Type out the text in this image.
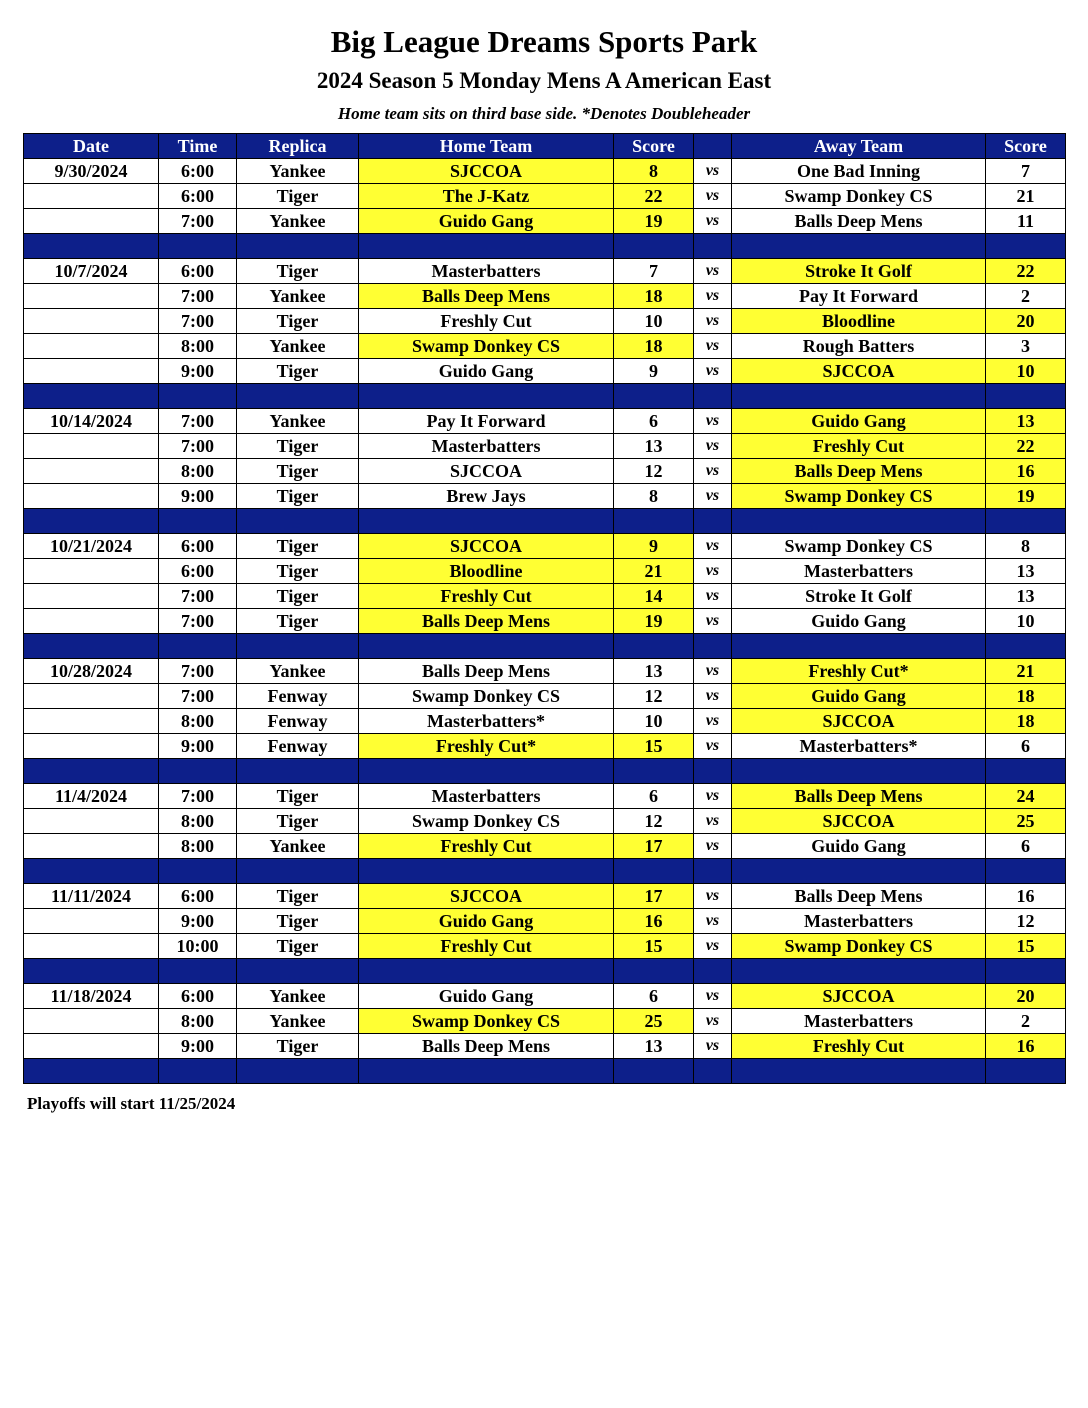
Big League Dreams Sports Park
2024 Season 5 Monday Mens A American East
Home team sits on third base side. *Denotes Doubleheader
Date	Time	Replica	Home Team	Score		Away Team	Score
9/30/2024	6:00	Yankee	SJCCOA	8	vs	One Bad Inning	7
	6:00	Tiger	The J-Katz	22	vs	Swamp Donkey CS	21
	7:00	Yankee	Guido Gang	19	vs	Balls Deep Mens	11

10/7/2024	6:00	Tiger	Masterbatters	7	vs	Stroke It Golf	22
	7:00	Yankee	Balls Deep Mens	18	vs	Pay It Forward	2
	7:00	Tiger	Freshly Cut	10	vs	Bloodline	20
	8:00	Yankee	Swamp Donkey CS	18	vs	Rough Batters	3
	9:00	Tiger	Guido Gang	9	vs	SJCCOA	10

10/14/2024	7:00	Yankee	Pay It Forward	6	vs	Guido Gang	13
	7:00	Tiger	Masterbatters	13	vs	Freshly Cut	22
	8:00	Tiger	SJCCOA	12	vs	Balls Deep Mens	16
	9:00	Tiger	Brew Jays	8	vs	Swamp Donkey CS	19

10/21/2024	6:00	Tiger	SJCCOA	9	vs	Swamp Donkey CS	8
	6:00	Tiger	Bloodline	21	vs	Masterbatters	13
	7:00	Tiger	Freshly Cut	14	vs	Stroke It Golf	13
	7:00	Tiger	Balls Deep Mens	19	vs	Guido Gang	10

10/28/2024	7:00	Yankee	Balls Deep Mens	13	vs	Freshly Cut*	21
	7:00	Fenway	Swamp Donkey CS	12	vs	Guido Gang	18
	8:00	Fenway	Masterbatters*	10	vs	SJCCOA	18
	9:00	Fenway	Freshly Cut*	15	vs	Masterbatters*	6

11/4/2024	7:00	Tiger	Masterbatters	6	vs	Balls Deep Mens	24
	8:00	Tiger	Swamp Donkey CS	12	vs	SJCCOA	25
	8:00	Yankee	Freshly Cut	17	vs	Guido Gang	6

11/11/2024	6:00	Tiger	SJCCOA	17	vs	Balls Deep Mens	16
	9:00	Tiger	Guido Gang	16	vs	Masterbatters	12
	10:00	Tiger	Freshly Cut	15	vs	Swamp Donkey CS	15

11/18/2024	6:00	Yankee	Guido Gang	6	vs	SJCCOA	20
	8:00	Yankee	Swamp Donkey CS	25	vs	Masterbatters	2
	9:00	Tiger	Balls Deep Mens	13	vs	Freshly Cut	16

Playoffs will start 11/25/2024
